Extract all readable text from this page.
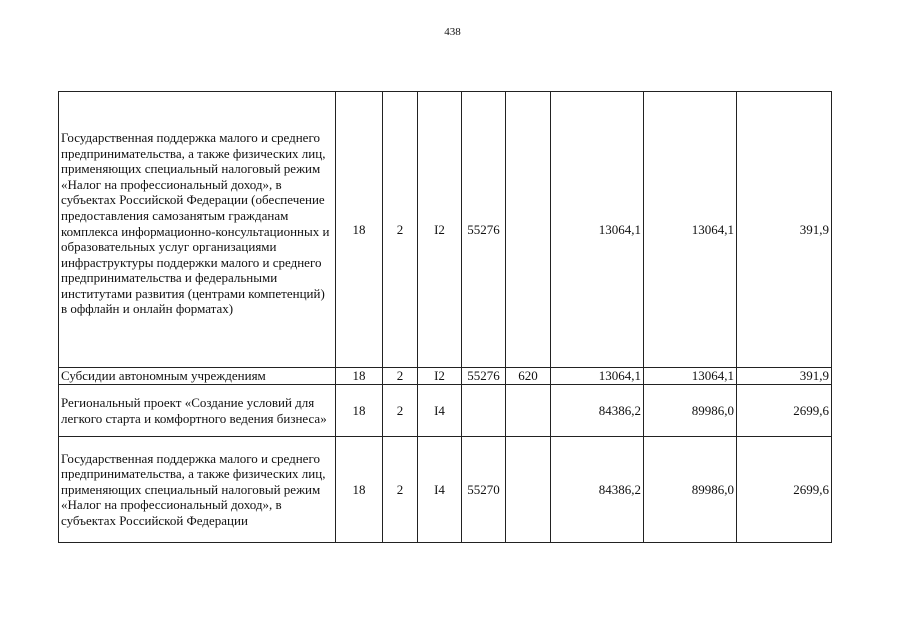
438
Государственная поддержка малого и среднего предпринимательства, а также физических лиц, применяющих специальный налоговый режим «Налог на профессиональный доход», в субъектах Российской Федерации (обеспечение предоставления самозанятым гражданам комплекса информационно-консультационных и образовательных услуг организациями инфраструктуры поддержки малого и среднего предпринимательства и федеральными институтами развития (центрами компетенций) в оффлайн и онлайн форматах)	18	2	I2	55276		13064,1	13064,1	391,9
Субсидии автономным учреждениям	18	2	I2	55276	620	13064,1	13064,1	391,9
Региональный проект «Создание условий для легкого старта и комфортного ведения бизнеса»	18	2	I4			84386,2	89986,0	2699,6
Государственная поддержка малого и среднего предпринимательства, а также физических лиц, применяющих специальный налоговый режим «Налог на профессиональный доход», в субъектах Российской Федерации	18	2	I4	55270		84386,2	89986,0	2699,6
